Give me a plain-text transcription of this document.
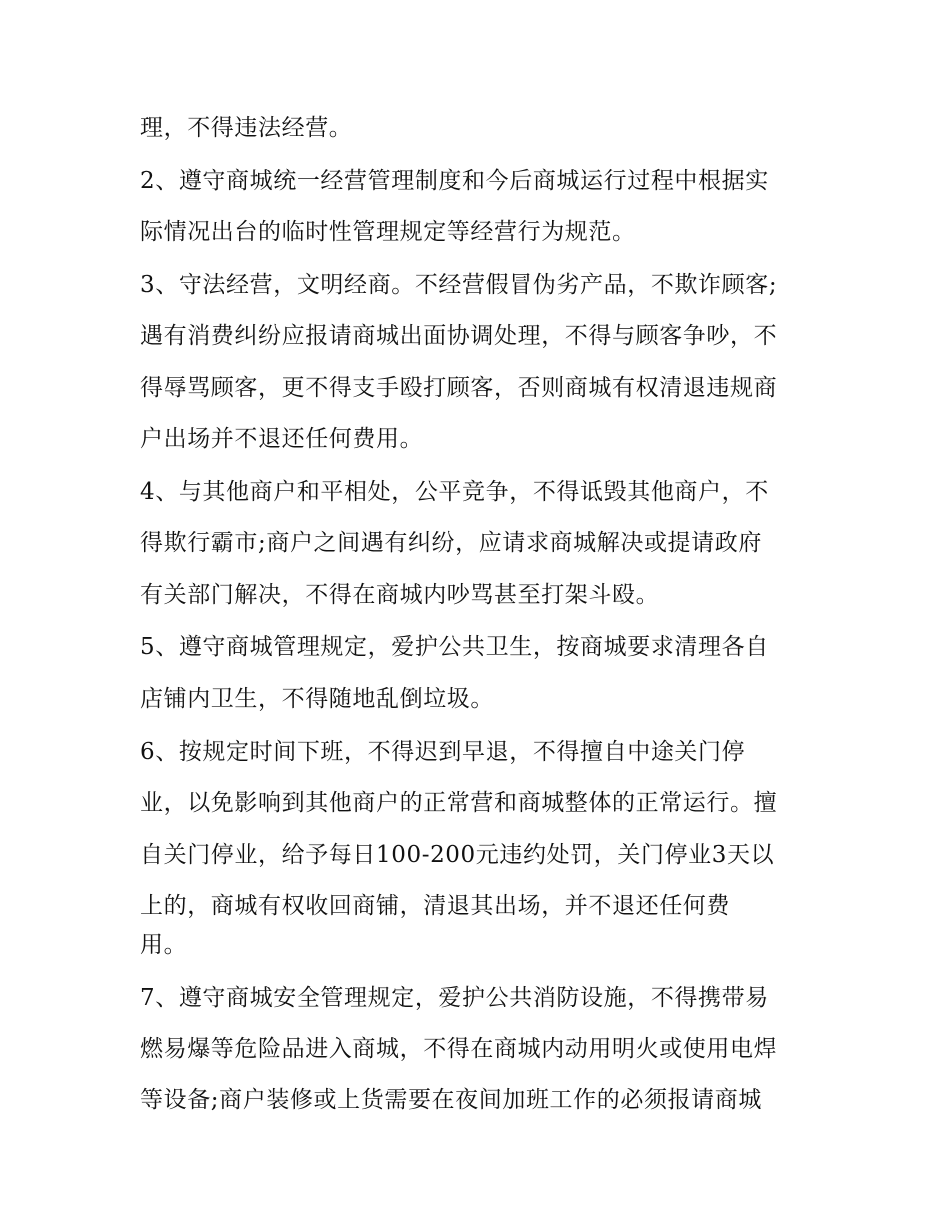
理，不得违法经营。
2、遵守商城统一经营管理制度和今后商城运行过程中根据实
际情况出台的临时性管理规定等经营行为规范。
3、守法经营，文明经商。不经营假冒伪劣产品，不欺诈顾客;
遇有消费纠纷应报请商城出面协调处理，不得与顾客争吵，不
得辱骂顾客，更不得支手殴打顾客，否则商城有权清退违规商
户出场并不退还任何费用。
4、与其他商户和平相处，公平竞争，不得诋毁其他商户，不
得欺行霸市;商户之间遇有纠纷，应请求商城解决或提请政府
有关部门解决，不得在商城内吵骂甚至打架斗殴。
5、遵守商城管理规定，爱护公共卫生，按商城要求清理各自
店铺内卫生，不得随地乱倒垃圾。
6、按规定时间下班，不得迟到早退，不得擅自中途关门停
业，以免影响到其他商户的正常营和商城整体的正常运行。擅
自关门停业，给予每日100-200元违约处罚，关门停业3天以
上的，商城有权收回商铺，清退其出场，并不退还任何费
用。
7、遵守商城安全管理规定，爱护公共消防设施，不得携带易
燃易爆等危险品进入商城，不得在商城内动用明火或使用电焊
等设备;商户装修或上货需要在夜间加班工作的必须报请商城
